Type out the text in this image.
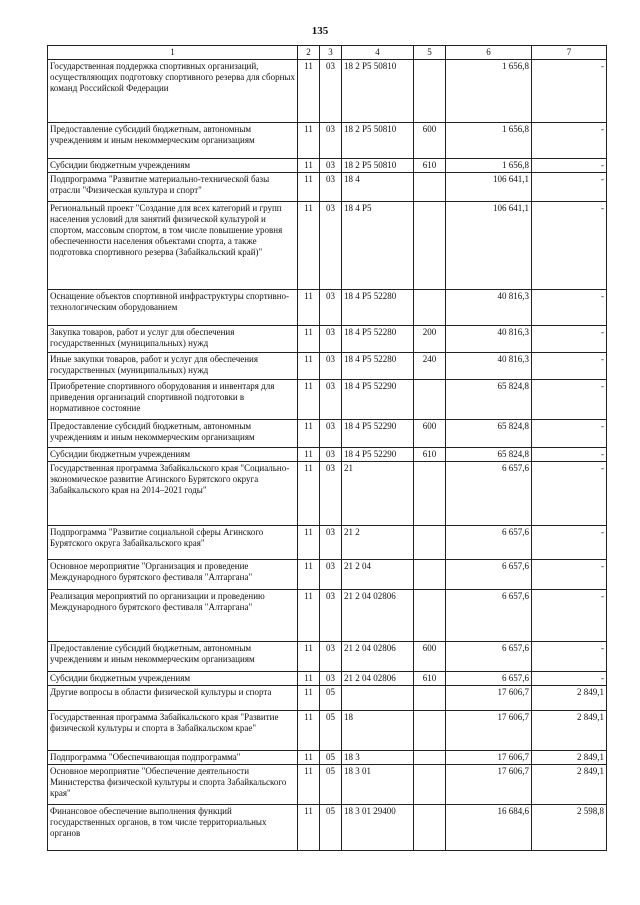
135
1	2	3	4	5	6	7
Государственная поддержка спортивных организаций, осуществляющих подготовку спортивного резерва для сборных команд Российской Федерации	11	03	18 2 P5 50810		1 656,8	-
Предоставление субсидий бюджетным, автономным учреждениям и иным некоммерческим организациям	11	03	18 2 P5 50810	600	1 656,8	-
Субсидии бюджетным учреждениям	11	03	18 2 P5 50810	610	1 656,8	-
Подпрограмма "Развитие материально-технической базы отрасли "Физическая культура и спорт"	11	03	18 4		106 641,1	-
Региональный проект "Создание для всех категорий и групп населения условий для занятий физической культурой и спортом, массовым спортом, в том числе повышение уровня обеспеченности населения объектами спорта, а также подготовка спортивного резерва (Забайкальский край)"	11	03	18 4 P5		106 641,1	-
Оснащение объектов спортивной инфраструктуры спортивно-технологическим оборудованием	11	03	18 4 P5 52280		40 816,3	-
Закупка товаров, работ и услуг для обеспечения государственных (муниципальных) нужд	11	03	18 4 P5 52280	200	40 816,3	-
Иные закупки товаров, работ и услуг для обеспечения государственных (муниципальных) нужд	11	03	18 4 P5 52280	240	40 816,3	-
Приобретение спортивного оборудования и инвентаря для приведения организаций спортивной подготовки в нормативное состояние	11	03	18 4 P5 52290		65 824,8	-
Предоставление субсидий бюджетным, автономным учреждениям и иным некоммерческим организациям	11	03	18 4 P5 52290	600	65 824,8	-
Субсидии бюджетным учреждениям	11	03	18 4 P5 52290	610	65 824,8	-
Государственная программа Забайкальского края "Социально-экономическое развитие Агинского Бурятского округа Забайкальского края на 2014–2021 годы"	11	03	21		6 657,6	-
Подпрограмма "Развитие социальной сферы Агинского Бурятского округа Забайкальского края"	11	03	21 2		6 657,6	-
Основное мероприятие "Организация и проведение Международного бурятского фестиваля "Алтаргана"	11	03	21 2 04		6 657,6	-
Реализация мероприятий по организации и проведению Международного бурятского фестиваля "Алтаргана"	11	03	21 2 04 02806		6 657,6	-
Предоставление субсидий бюджетным, автономным учреждениям и иным некоммерческим организациям	11	03	21 2 04 02806	600	6 657,6	-
Субсидии бюджетным учреждениям	11	03	21 2 04 02806	610	6 657,6	-
Другие вопросы в области физической культуры и спорта	11	05			17 606,7	2 849,1
Государственная программа Забайкальского края "Развитие физической культуры и спорта в Забайкальском крае"	11	05	18		17 606,7	2 849,1
Подпрограмма "Обеспечивающая подпрограмма"	11	05	18 3		17 606,7	2 849,1
Основное мероприятие "Обеспечение деятельности Министерства физической культуры и спорта Забайкальского края"	11	05	18 3 01		17 606,7	2 849,1
Финансовое обеспечение выполнения функций государственных органов, в том числе территориальных органов	11	05	18 3 01 29400		16 684,6	2 598,8
